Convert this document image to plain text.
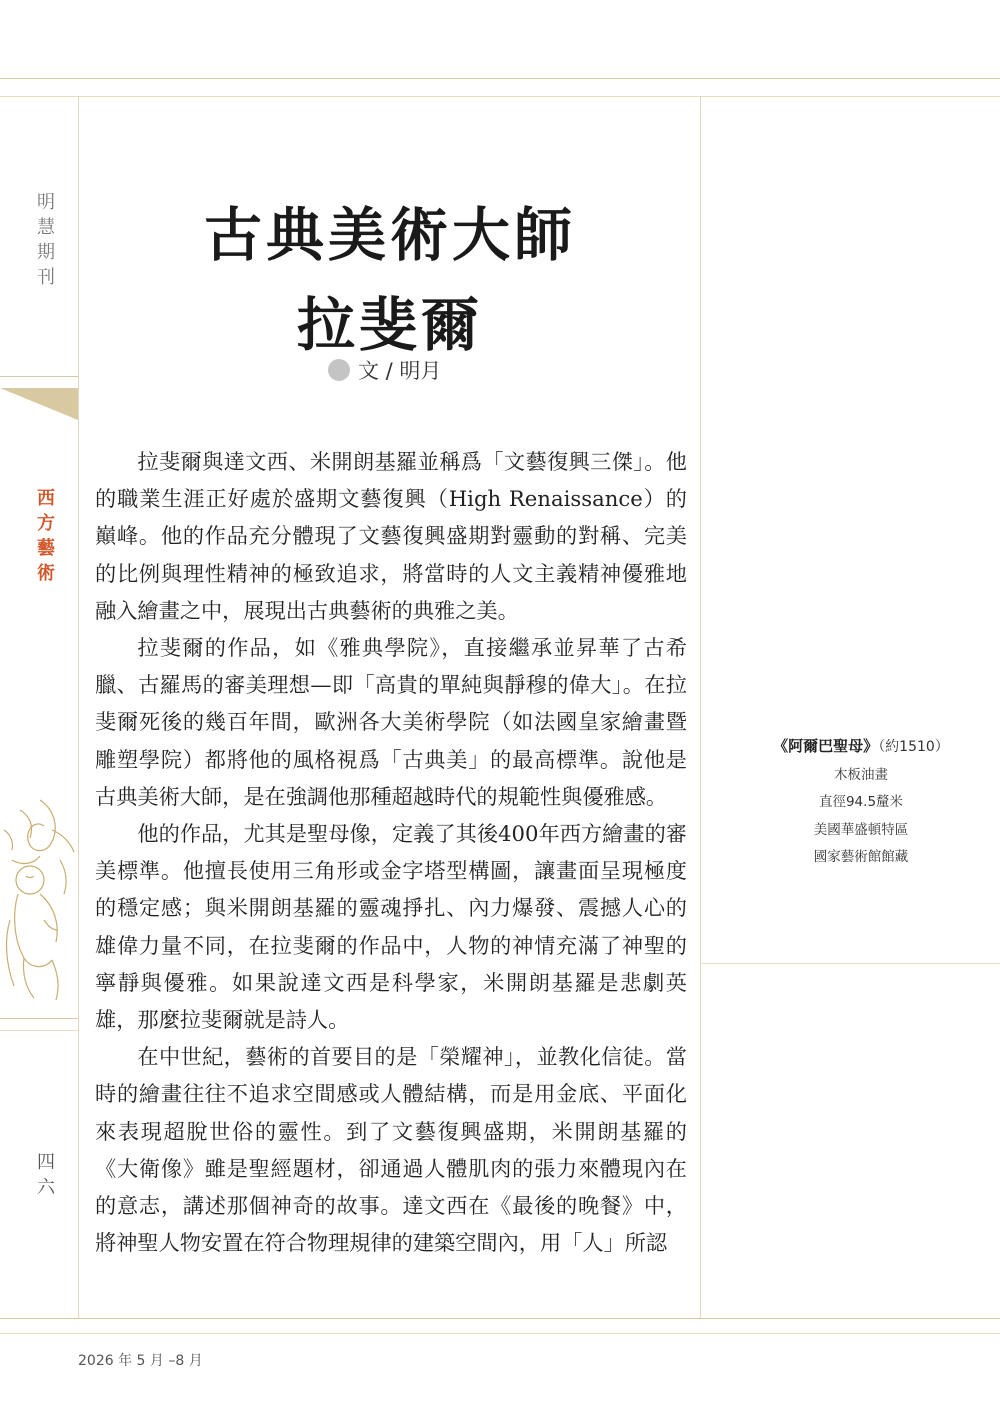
明
慧
期
刊
西
方
藝
術
四
六
古典美術大師
拉斐爾
文 / 明月

拉斐爾與達文西、米開朗基羅並稱爲「文藝復興三傑」。他的職業生涯正好處於盛期文藝復興（High Renaissance）的巔峰。他的作品充分體現了文藝復興盛期對靈動的對稱、完美的比例與理性精神的極致追求，將當時的人文主義精神優雅地融入繪畫之中，展現出古典藝術的典雅之美。

拉斐爾的作品，如《雅典學院》，直接繼承並昇華了古希臘、古羅馬的審美理想—即「高貴的單純與靜穆的偉大」。在拉斐爾死後的幾百年間，歐洲各大美術學院（如法國皇家繪畫暨雕塑學院）都將他的風格視爲「古典美」的最高標準。說他是古典美術大師，是在強調他那種超越時代的規範性與優雅感。

他的作品，尤其是聖母像，定義了其後400年西方繪畫的審美標準。他擅長使用三角形或金字塔型構圖，讓畫面呈現極度的穩定感；與米開朗基羅的靈魂掙扎、內力爆發、震撼人心的雄偉力量不同，在拉斐爾的作品中，人物的神情充滿了神聖的寧靜與優雅。如果說達文西是科學家，米開朗基羅是悲劇英雄，那麼拉斐爾就是詩人。

在中世紀，藝術的首要目的是「榮耀神」，並教化信徒。當時的繪畫往往不追求空間感或人體結構，而是用金底、平面化來表現超脫世俗的靈性。到了文藝復興盛期，米開朗基羅的《大衛像》雖是聖經題材，卻通過人體肌肉的張力來體現內在的意志，講述那個神奇的故事。達文西在《最後的晚餐》中，將神聖人物安置在符合物理規律的建築空間內，用「人」所認

《阿爾巴聖母》（約1510）
木板油畫
直徑94.5釐米
美國華盛頓特區
國家藝術館館藏
2026 年 5 月 –8 月
